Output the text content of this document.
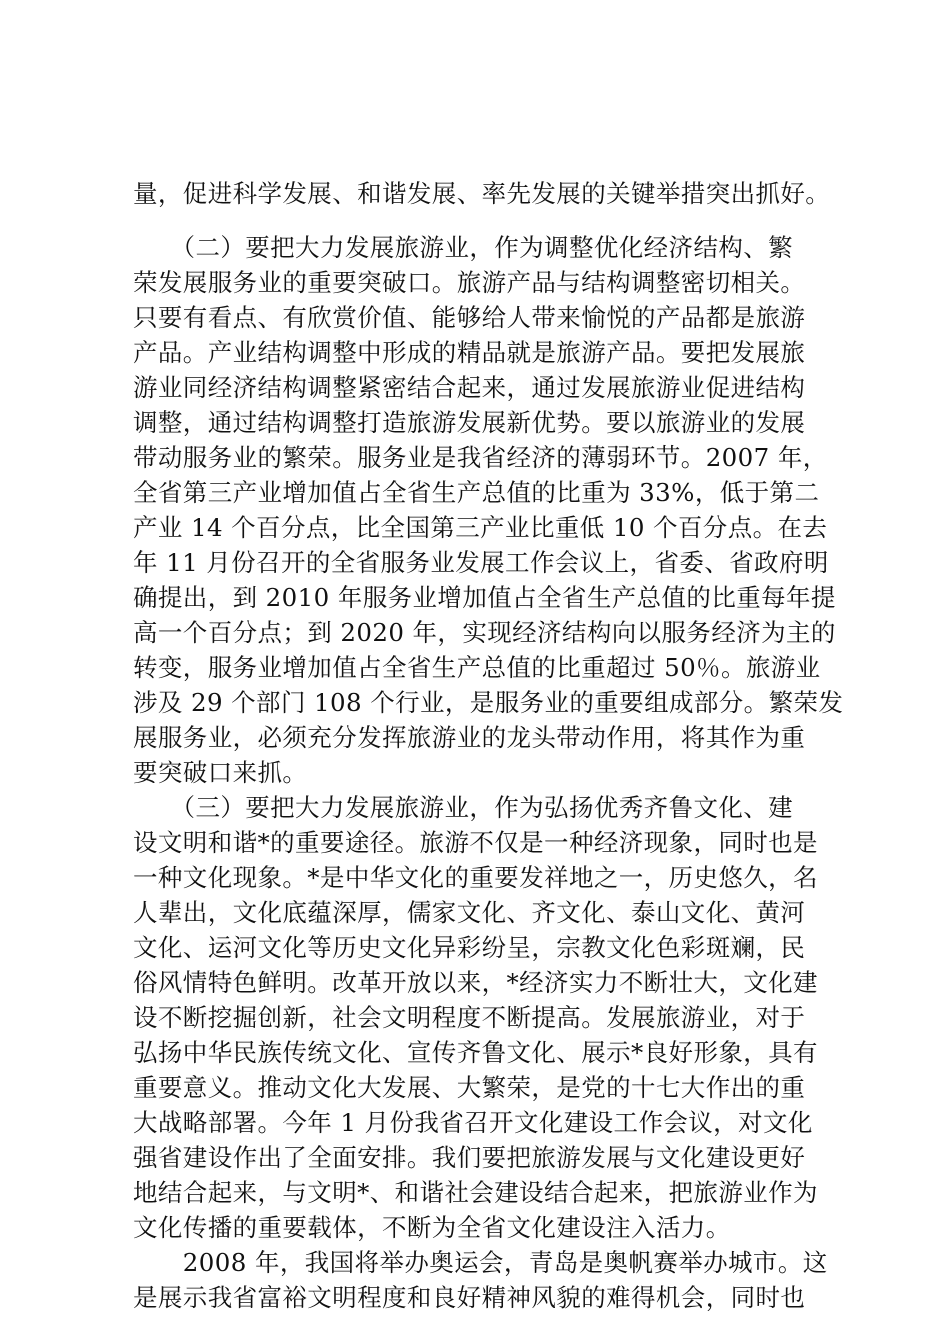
量，促进科学发展、和谐发展、率先发展的关键举措突出抓好。
　　（二）要把大力发展旅游业，作为调整优化经济结构、繁
荣发展服务业的重要突破口。旅游产品与结构调整密切相关。
只要有看点、有欣赏价值、能够给人带来愉悦的产品都是旅游
产品。产业结构调整中形成的精品就是旅游产品。要把发展旅
游业同经济结构调整紧密结合起来，通过发展旅游业促进结构
调整，通过结构调整打造旅游发展新优势。要以旅游业的发展
带动服务业的繁荣。服务业是我省经济的薄弱环节。2007 年，
全省第三产业增加值占全省生产总值的比重为 33%，低于第二
产业 14 个百分点，比全国第三产业比重低 10 个百分点。在去
年 11 月份召开的全省服务业发展工作会议上，省委、省政府明
确提出，到 2010 年服务业增加值占全省生产总值的比重每年提
高一个百分点；到 2020 年，实现经济结构向以服务经济为主的
转变，服务业增加值占全省生产总值的比重超过 50％。旅游业
涉及 29 个部门 108 个行业，是服务业的重要组成部分。繁荣发
展服务业，必须充分发挥旅游业的龙头带动作用，将其作为重
要突破口来抓。
　　（三）要把大力发展旅游业，作为弘扬优秀齐鲁文化、建
设文明和谐*的重要途径。旅游不仅是一种经济现象，同时也是
一种文化现象。*是中华文化的重要发祥地之一，历史悠久，名
人辈出，文化底蕴深厚，儒家文化、齐文化、泰山文化、黄河
文化、运河文化等历史文化异彩纷呈，宗教文化色彩斑斓，民
俗风情特色鲜明。改革开放以来，*经济实力不断壮大，文化建
设不断挖掘创新，社会文明程度不断提高。发展旅游业，对于
弘扬中华民族传统文化、宣传齐鲁文化、展示*良好形象，具有
重要意义。推动文化大发展、大繁荣，是党的十七大作出的重
大战略部署。今年 1 月份我省召开文化建设工作会议，对文化
强省建设作出了全面安排。我们要把旅游发展与文化建设更好
地结合起来，与文明*、和谐社会建设结合起来，把旅游业作为
文化传播的重要载体，不断为全省文化建设注入活力。
　　2008 年，我国将举办奥运会，青岛是奥帆赛举办城市。这
是展示我省富裕文明程度和良好精神风貌的难得机会，同时也
